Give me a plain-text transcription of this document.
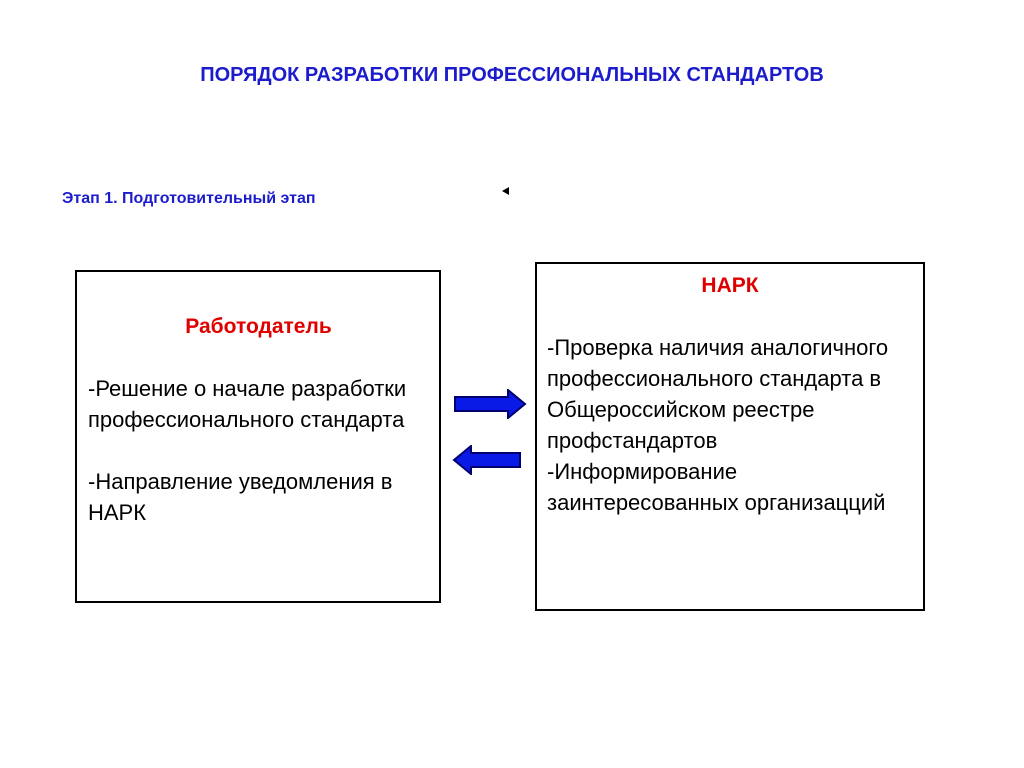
ПОРЯДОК РАЗРАБОТКИ ПРОФЕССИОНАЛЬНЫХ СТАНДАРТОВ
Этап 1. Подготовительный этап
Работодатель
-Решение о начале разработки профессионального стандарта
-Направление уведомления в НАРК
НАРК
-Проверка наличия аналогичного профессионального стандарта в Общероссийском реестре профстандартов
-Информирование заинтересованных организацций
